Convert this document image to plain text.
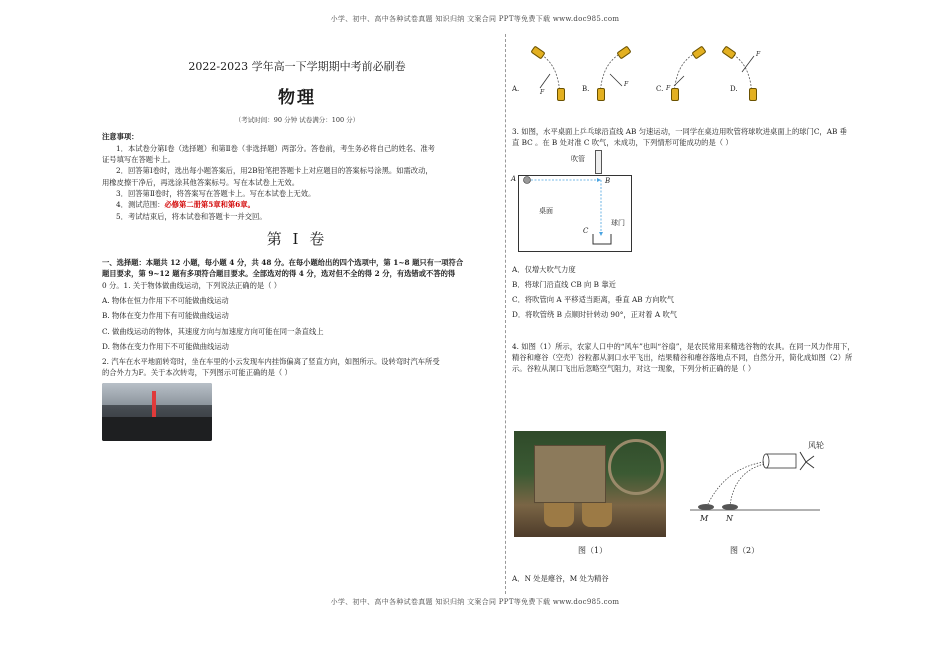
小学、初中、高中各种试卷真题 知识归纳 文案合同 PPT等免费下载 www.doc985.com
2022-2023 学年高一下学期期中考前必刷卷
物理
（考试时间：90 分钟 试卷满分：100 分）
注意事项：

1．本试卷分第Ⅰ卷（选择题）和第Ⅱ卷（非选择题）两部分。答卷前，考生务必将自己的姓名、准考

证号填写在答题卡上。

2．回答第Ⅰ卷时，选出每小题答案后，用2B铅笔把答题卡上对应题目的答案标号涂黑。如需改动，

用橡皮擦干净后，再选涂其他答案标号。写在本试卷上无效。

3．回答第Ⅱ卷时，将答案写在答题卡上。写在本试卷上无效。

4．测试范围：必修第二册第5章和第6章。

5．考试结束后，将本试卷和答题卡一并交回。

第 Ⅰ 卷

一、选择题：本题共 12 小题，每小题 4 分，共 48 分。在每小题给出的四个选项中，第 1~8 题只有一项符合

题目要求，第 9~12 题有多项符合题目要求。全部选对的得 4 分，选对但不全的得 2 分，有选错或不答的得

0 分。1. 关于物体做曲线运动，下列说法正确的是（ ）

A. 物体在恒力作用下不可能做曲线运动

B. 物体在变力作用下有可能做曲线运动

C. 做曲线运动的物体，其速度方向与加速度方向可能在同一条直线上

D. 物体在变力作用下不可能做曲线运动

2. 汽车在水平地面转弯时，坐在车里的小云发现车内挂饰偏离了竖直方向，如图所示。设转弯时汽车所受

的合外力为F。关于本次转弯，下列图示可能正确的是（ ）

A.	B.	C.	D.
F
F
F
F

3. 如图，水平桌面上乒乓球沿直线 AB 匀速运动，一同学在桌边用吹管将球吹进桌面上的球门C，AB 垂

直 BC 。在 B 处对准 C 吹气，未成功，下列情形可能成功的是（ ）

吹管
A	B
桌面
C
球门

A．仅增大吹气力度

B．将球门沿直线 CB 向 B 靠近

C．将吹管向 A 平移适当距离，垂直 AB 方向吹气

D．将吹管绕 B 点顺时针转动 90°，正对着 A 吹气

4. 如图（1）所示，农家人口中的“风车”也叫“谷扇”，是农民常用来精选谷物的农具。在同一风力作用下，

精谷和瘪谷（空壳）谷粒都从洞口水平飞出，结果精谷和瘪谷落地点不同，自然分开，简化成如图（2）所

示。谷粒从洞口飞出后忽略空气阻力，对这一现象，下列分析正确的是（ ）

图（1）
风轮
M N
图（2）

A．N 处是瘪谷，M 处为精谷

小学、初中、高中各种试卷真题 知识归纳 文案合同 PPT等免费下载 www.doc985.com
